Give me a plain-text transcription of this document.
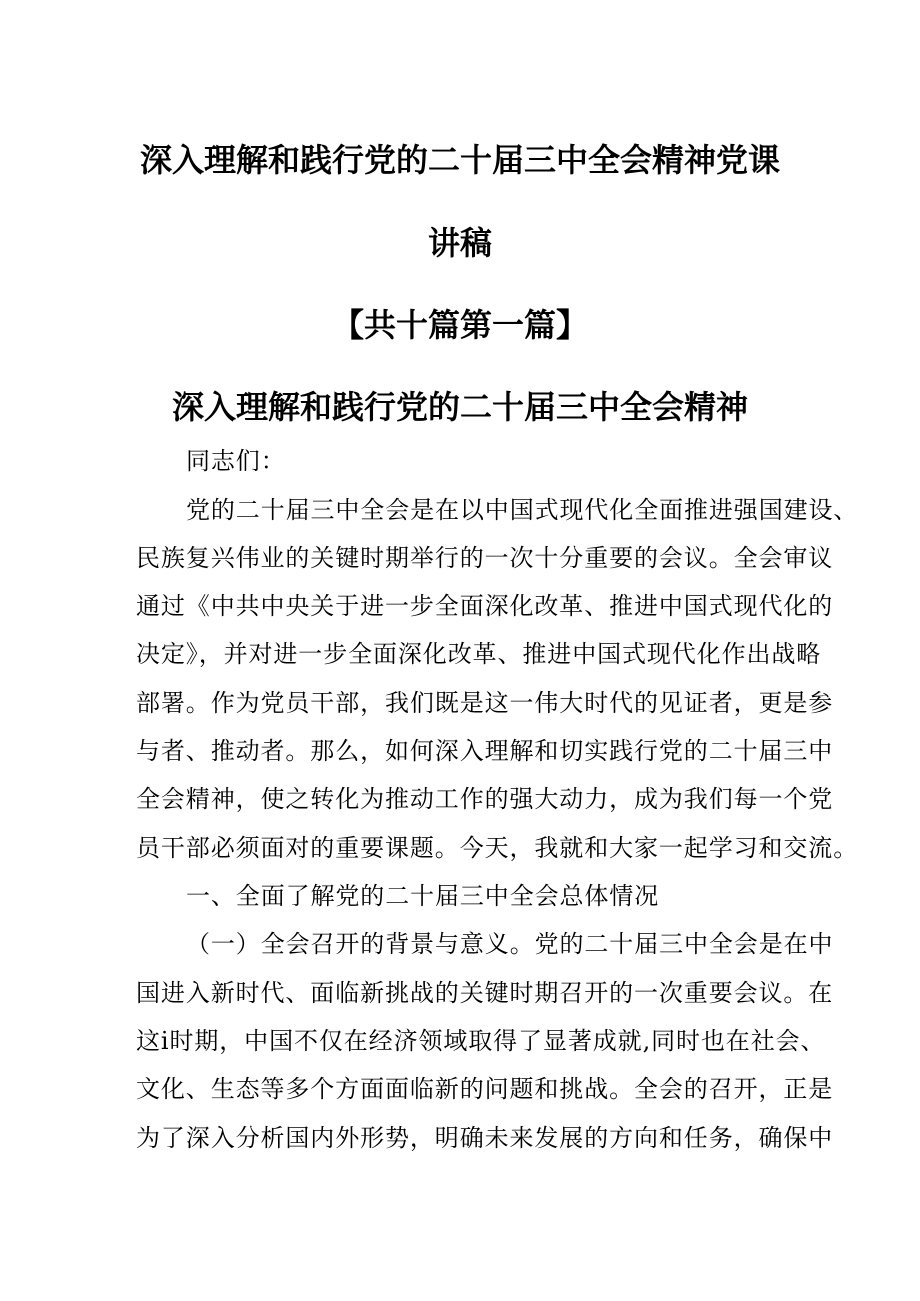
深入理解和践行党的二十届三中全会精神党课
讲稿
【共十篇第一篇】
深入理解和践行党的二十届三中全会精神
同志们：
党的二十届三中全会是在以中国式现代化全面推进强国建设、
民族复兴伟业的关键时期举行的一次十分重要的会议。全会审议
通过《中共中央关于进一步全面深化改革、推进中国式现代化的
决定》，并对进一步全面深化改革、推进中国式现代化作出战略
部署。作为党员干部，我们既是这一伟大时代的见证者，更是参
与者、推动者。那么，如何深入理解和切实践行党的二十届三中
全会精神，使之转化为推动工作的强大动力，成为我们每一个党
员干部必须面对的重要课题。今天，我就和大家一起学习和交流。
一、全面了解党的二十届三中全会总体情况
（一）全会召开的背景与意义。党的二十届三中全会是在中
国进入新时代、面临新挑战的关键时期召开的一次重要会议。在
这i时期，中国不仅在经济领域取得了显著成就,同时也在社会、
文化、生态等多个方面面临新的问题和挑战。全会的召开，正是
为了深入分析国内外形势，明确未来发展的方向和任务，确保中
